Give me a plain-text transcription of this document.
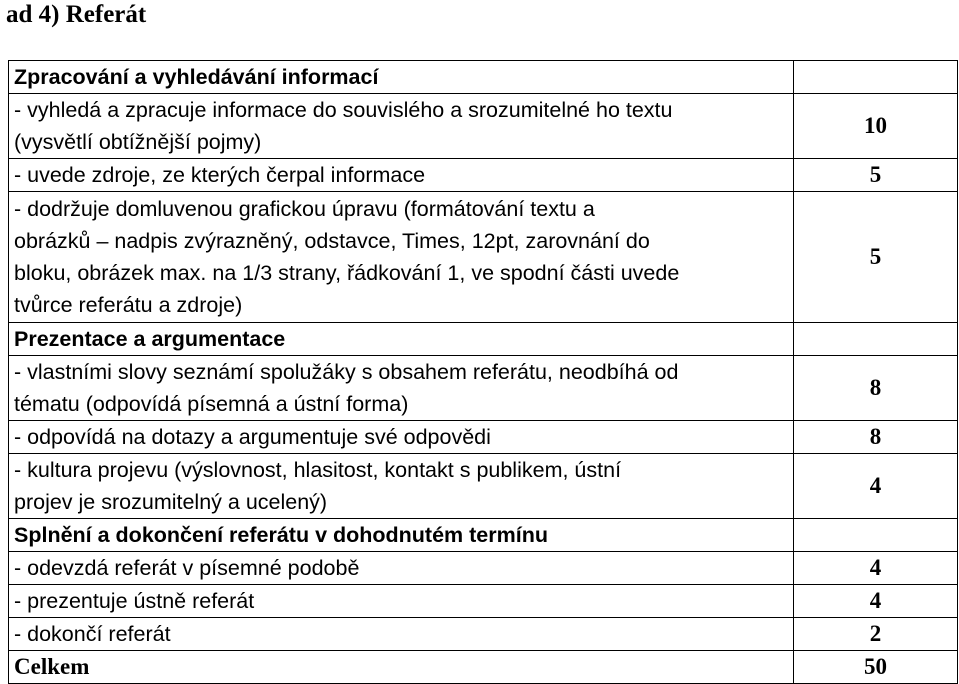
ad 4) Referát
Zpracování a vyhledávání informací	
- vyhledá a zpracuje informace do souvislého a srozumitelné ho textu
(vysvětlí obtížnější pojmy)	10
- uvede zdroje, ze kterých čerpal informace	5
- dodržuje domluvenou grafickou úpravu (formátování textu a
obrázků – nadpis zvýrazněný, odstavce, Times, 12pt, zarovnání do
bloku, obrázek max. na 1/3 strany, řádkování 1, ve spodní části uvede
tvůrce referátu a zdroje)	5
Prezentace a argumentace	
- vlastními slovy seznámí spolužáky s obsahem referátu, neodbíhá od
tématu (odpovídá písemná a ústní forma)	8
- odpovídá na dotazy a argumentuje své odpovědi	8
- kultura projevu (výslovnost, hlasitost, kontakt s publikem, ústní
projev je srozumitelný a ucelený)	4
Splnění a dokončení referátu v dohodnutém termínu	
- odevzdá referát v písemné podobě	4
- prezentuje ústně referát	4
- dokončí referát	2
Celkem	50
